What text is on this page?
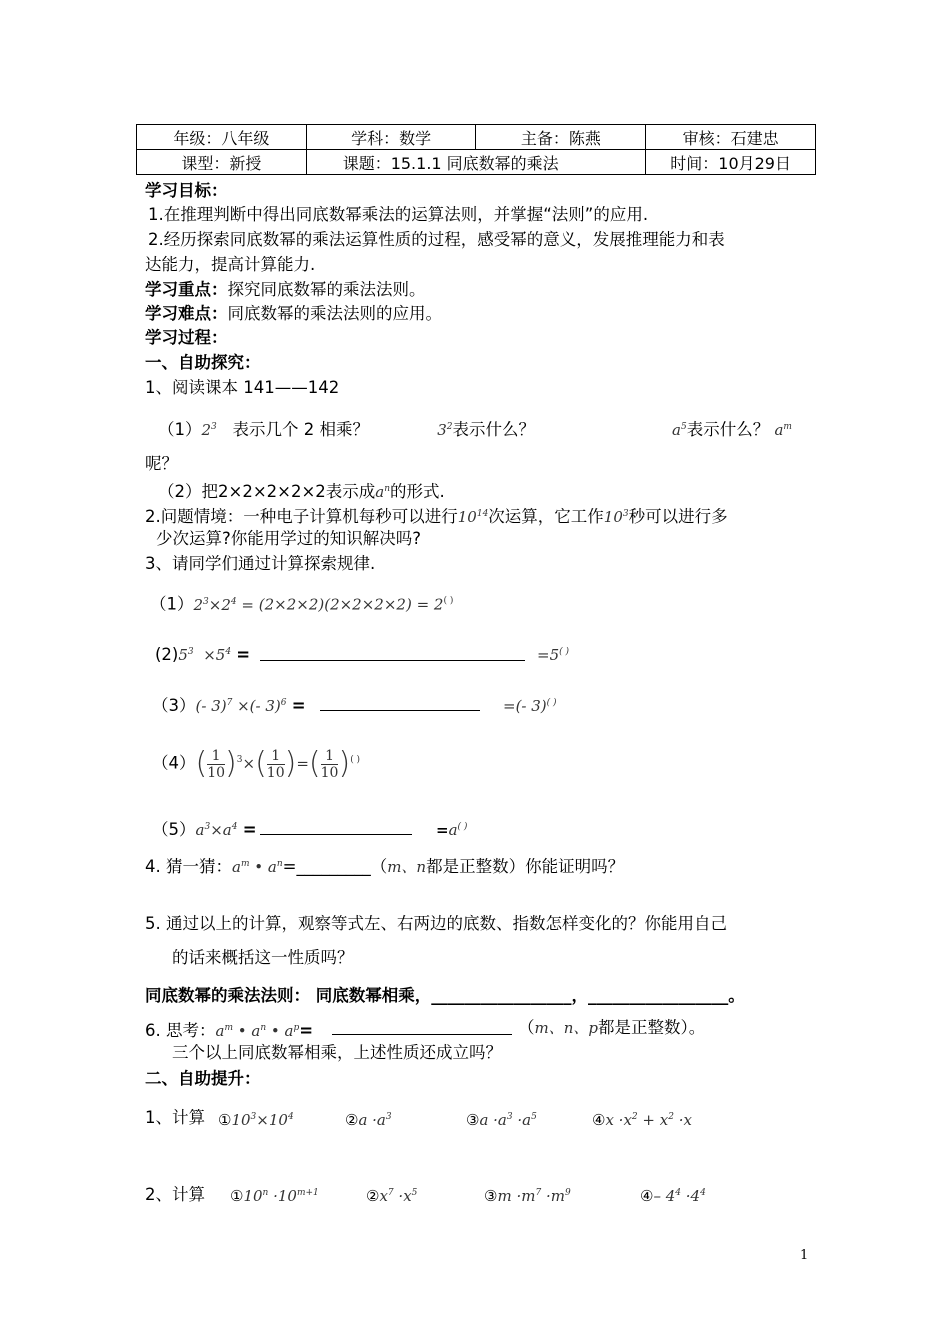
年级：八年级	学科：数学	主备：陈燕	审核：石建忠
课型：新授	课题：15.1.1 同底数幂的乘法		时间：10月29日
学习目标：
1.在推理判断中得出同底数幂乘法的运算法则，并掌握“法则”的应用.
2.经历探索同底数幂的乘法运算性质的过程，感受幂的意义，发展推理能力和表
达能力，提高计算能力.
学习重点：探究同底数幂的乘法法则。
学习难点：同底数幂的乘法法则的应用。
学习过程：
一、自助探究：
1、阅读课本 141——142
$(1)2^3$ 表示几个 2 相乘？	$3^2$表示什么？	$a^5$表示什么？ $a^m$
呢？
（2）把2×2×2×2×2表示成$a^n$的形式.
2.问题情境：一种电子计算机每秒可以进行$10^{14}$次运算，它工作$10^3$秒可以进行多
少次运算?你能用学过的知识解决吗?
3、请同学们通过计算探索规律.
$(1)2^3\times 2^4 = (2\times 2\times 2)(2\times 2\times 2\times 2) = 2^{( )}$
$(2)5^3 \times 5^4$ =	=5( )
（3）(- 3)$^7$ ×(- 3)$^6$ =	=(- 3)( )
$(4)( \frac{1}{10} )^3\times( \frac{1}{10}$ )=( $\frac{1}{10} )^{( )}$
$(5)a^3\times a^4$ =	=a( )
4. 猜一猜：$a^m$ • $a^n=\_\_\_\_\_\_\_\_\_(m$、n都是正整数）你能证明吗？
5. 通过以上的计算，观察等式左、右两边的底数、指数怎样变化的？你能用自己
的话来概括这一性质吗？
同底数幂的乘法法则： 同底数幂相乘，_________________，_________________。
6. 思考：$a^m$ • $a^n$ • $a^p=$	（m、n、p都是正整数）。
三个以上同底数幂相乘，上述性质还成立吗？
二、自助提升：
1、计算 $①10^3\times 10^4$	②a $\cdot a^3$	③a $\cdot a^3 \cdot a^5$	④x $\cdot x^2 + x^2 \cdot x$
2、计算 $①10^n \cdot 10^{m+1}$	$②x^7 \cdot x^5$	③m $\cdot m^7 \cdot m^9$	④– $4^4 \cdot 4^4$
1
